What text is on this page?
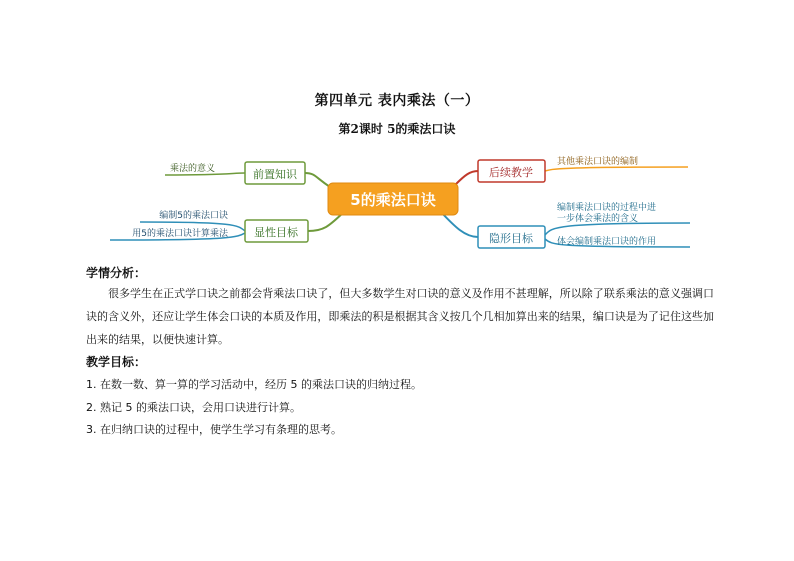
第四单元 表内乘法（一）
第2课时 5的乘法口诀
5的乘法口诀
前置知识
显性目标
后续教学
隐形目标
乘法的意义
编制5的乘法口诀
用5的乘法口诀计算乘法
其他乘法口诀的编制
编制乘法口诀的过程中进
一步体会乘法的含义
体会编制乘法口诀的作用
学情分析：
很多学生在正式学口诀之前都会背乘法口诀了，但大多数学生对口诀的意义及作用不甚理解，所以除了联系乘法的意义强调口诀的含义外，还应让学生体会口诀的本质及作用，即乘法的积是根据其含义按几个几相加算出来的结果，编口诀是为了记住这些加出来的结果，以便快速计算。
教学目标：
1. 在数一数、算一算的学习活动中，经历 5 的乘法口诀的归纳过程。
2. 熟记 5 的乘法口诀，会用口诀进行计算。
3. 在归纳口诀的过程中，使学生学习有条理的思考。
